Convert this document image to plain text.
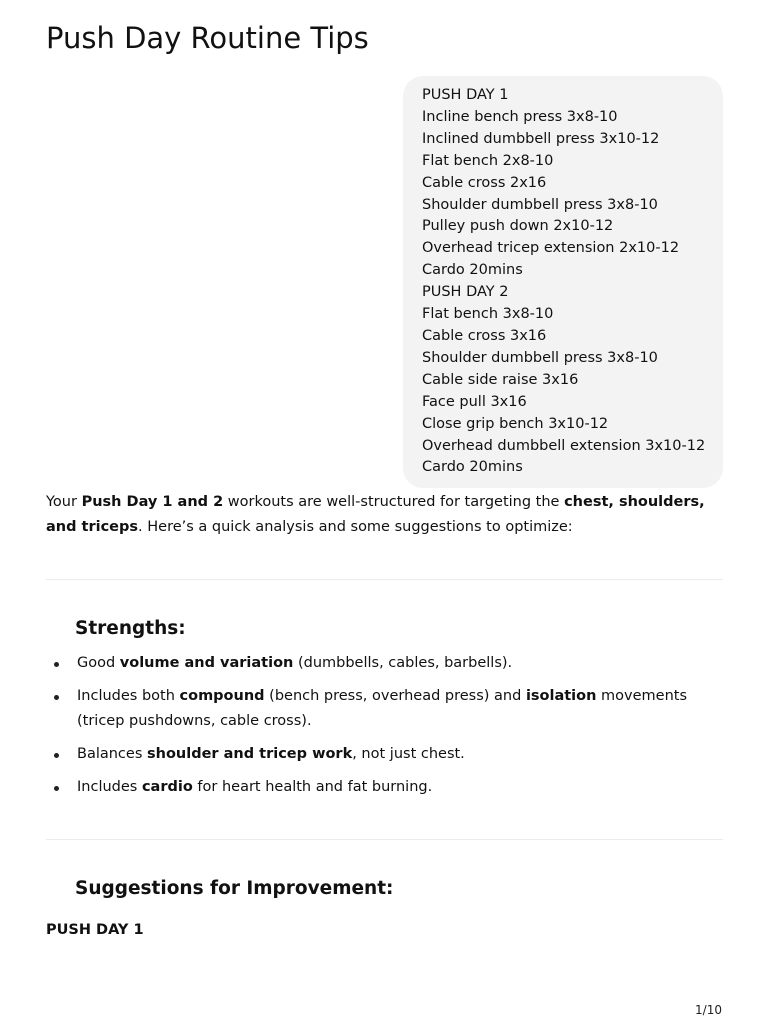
Push Day Routine Tips
PUSH DAY 1
Incline bench press 3x8-10
Inclined dumbbell press 3x10-12
Flat bench 2x8-10
Cable cross 2x16
Shoulder dumbbell press 3x8-10
Pulley push down 2x10-12
Overhead tricep extension 2x10-12
Cardo 20mins
PUSH DAY 2
Flat bench 3x8-10
Cable cross 3x16
Shoulder dumbbell press 3x8-10
Cable side raise 3x16
Face pull 3x16
Close grip bench 3x10-12
Overhead dumbbell extension 3x10-12
Cardo 20mins

Your Push Day 1 and 2 workouts are well-structured for targeting the chest, shoulders, and triceps. Here’s a quick analysis and some suggestions to optimize:

Strengths:
Good volume and variation (dumbbells, cables, barbells).
Includes both compound (bench press, overhead press) and isolation movements (tricep pushdowns, cable cross).
Balances shoulder and tricep work, not just chest.
Includes cardio for heart health and fat burning.
Suggestions for Improvement:
PUSH DAY 1
1/10
